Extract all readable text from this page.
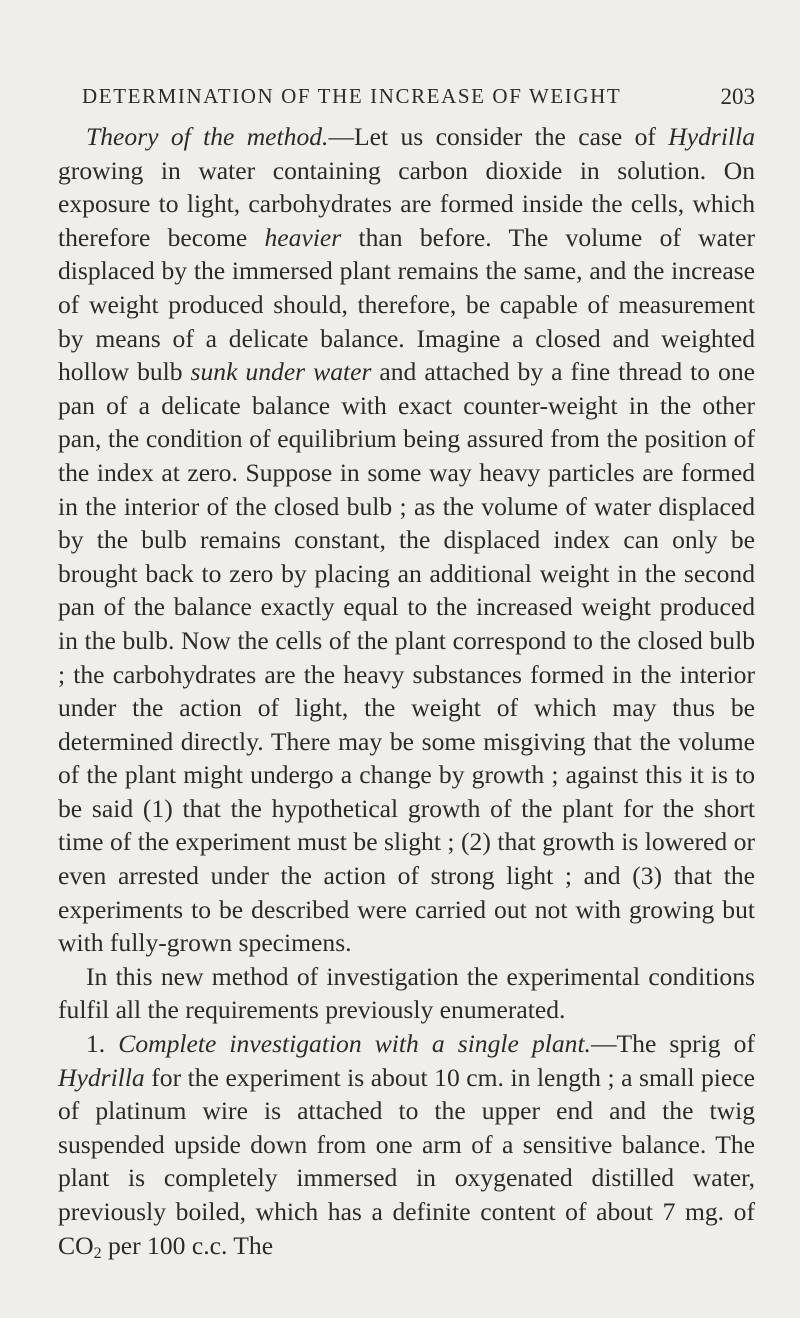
DETERMINATION OF THE INCREASE OF WEIGHT	203

Theory of the method.—Let us consider the case of Hydrilla growing in water containing carbon dioxide in solution. On exposure to light, carbohydrates are formed inside the cells, which therefore become heavier than before. The volume of water displaced by the immersed plant remains the same, and the increase of weight produced should, therefore, be capable of measurement by means of a delicate balance. Imagine a closed and weighted hollow bulb sunk under water and attached by a fine thread to one pan of a delicate balance with exact counter-weight in the other pan, the condition of equilibrium being assured from the position of the index at zero. Suppose in some way heavy particles are formed in the interior of the closed bulb ; as the volume of water displaced by the bulb remains constant, the displaced index can only be brought back to zero by placing an additional weight in the second pan of the balance exactly equal to the increased weight produced in the bulb. Now the cells of the plant correspond to the closed bulb ; the carbohydrates are the heavy substances formed in the interior under the action of light, the weight of which may thus be determined directly. There may be some misgiving that the volume of the plant might undergo a change by growth ; against this it is to be said (1) that the hypothetical growth of the plant for the short time of the experiment must be slight ; (2) that growth is lowered or even arrested under the action of strong light ; and (3) that the experiments to be described were carried out not with growing but with fully-grown specimens.

In this new method of investigation the experimental conditions fulfil all the requirements previously enumerated.

1. Complete investigation with a single plant.—The sprig of Hydrilla for the experiment is about 10 cm. in length ; a small piece of platinum wire is attached to the upper end and the twig suspended upside down from one arm of a sensitive balance. The plant is completely immersed in oxygenated distilled water, previously boiled, which has a definite content of about 7 mg. of $CO_2$ per 100 c.c. The
